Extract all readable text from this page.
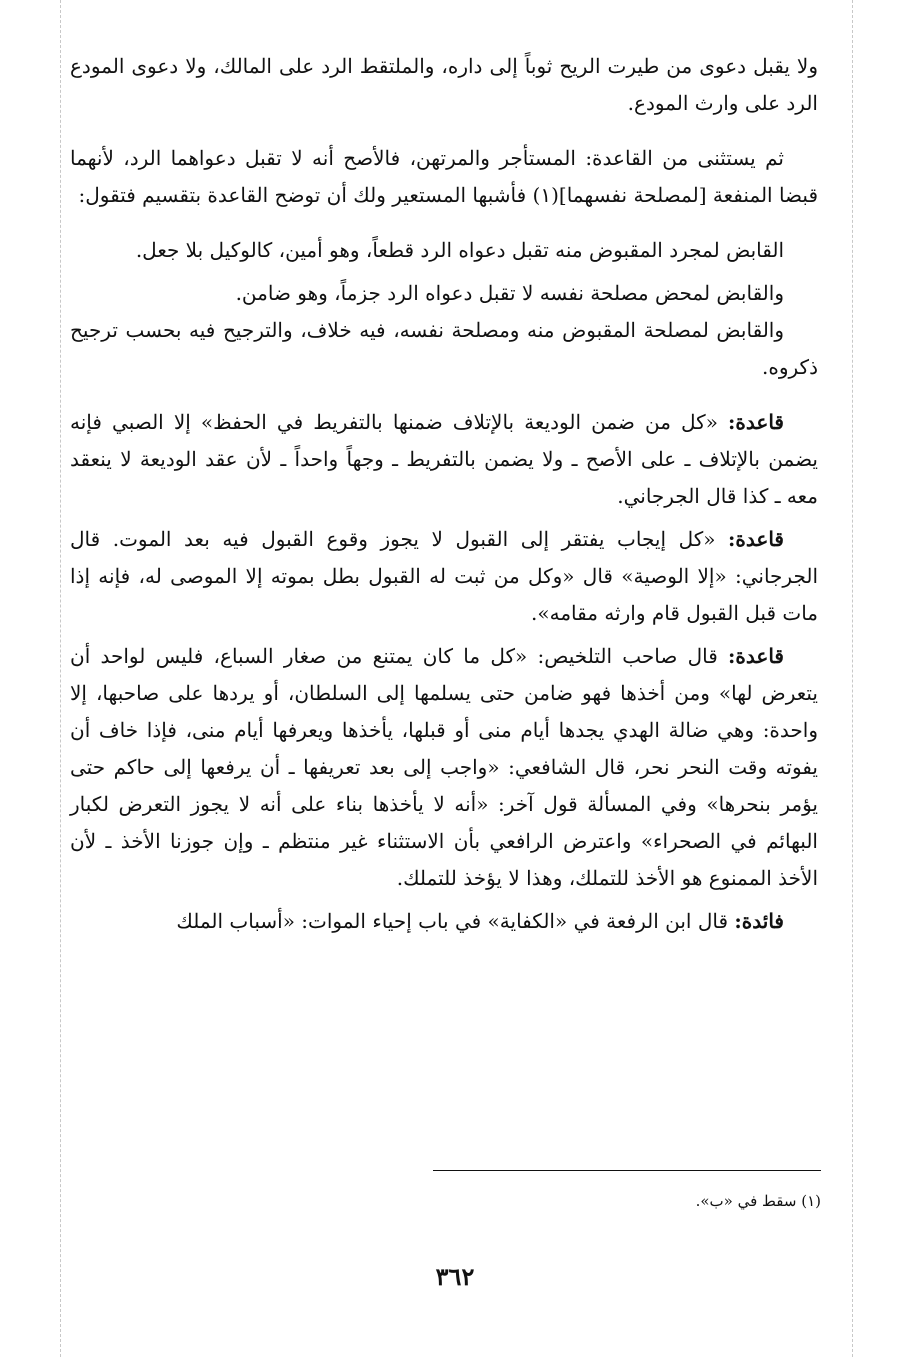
ولا يقبل دعوى من طيرت الريح ثوباً إلى داره، والملتقط الرد على المالك، ولا دعوى المودع الرد على وارث المودع.

ثم يستثنى من القاعدة: المستأجر والمرتهن، فالأصح أنه لا تقبل دعواهما الرد، لأنهما قبضا المنفعة [لمصلحة نفسهما](١) فأشبها المستعير ولك أن توضح القاعدة بتقسيم فتقول:

القابض لمجرد المقبوض منه تقبل دعواه الرد قطعاً، وهو أمين، كالوكيل بلا جعل.

والقابض لمحض مصلحة نفسه لا تقبل دعواه الرد جزماً، وهو ضامن.

والقابض لمصلحة المقبوض منه ومصلحة نفسه، فيه خلاف، والترجيح فيه بحسب ترجيح ذكروه.

قاعدة: «كل من ضمن الوديعة بالإتلاف ضمنها بالتفريط في الحفظ» إلا الصبي فإنه يضمن بالإتلاف ـ على الأصح ـ ولا يضمن بالتفريط ـ وجهاً واحداً ـ لأن عقد الوديعة لا ينعقد معه ـ كذا قال الجرجاني.

قاعدة: «كل إيجاب يفتقر إلى القبول لا يجوز وقوع القبول فيه بعد الموت. قال الجرجاني: «إلا الوصية» قال «وكل من ثبت له القبول بطل بموته إلا الموصى له، فإنه إذا مات قبل القبول قام وارثه مقامه».

قاعدة: قال صاحب التلخيص: «كل ما كان يمتنع من صغار السباع، فليس لواحد أن يتعرض لها» ومن أخذها فهو ضامن حتى يسلمها إلى السلطان، أو يردها على صاحبها، إلا واحدة: وهي ضالة الهدي يجدها أيام منى أو قبلها، يأخذها ويعرفها أيام منى، فإذا خاف أن يفوته وقت النحر نحر، قال الشافعي: «واجب إلى بعد تعريفها ـ أن يرفعها إلى حاكم حتى يؤمر بنحرها» وفي المسألة قول آخر: «أنه لا يأخذها بناء على أنه لا يجوز التعرض لكبار البهائم في الصحراء» واعترض الرافعي بأن الاستثناء غير منتظم ـ وإن جوزنا الأخذ ـ لأن الأخذ الممنوع هو الأخذ للتملك، وهذا لا يؤخذ للتملك.

فائدة: قال ابن الرفعة في «الكفاية» في باب إحياء الموات: «أسباب الملك

(١) سقط في «ب».
٣٦٢
